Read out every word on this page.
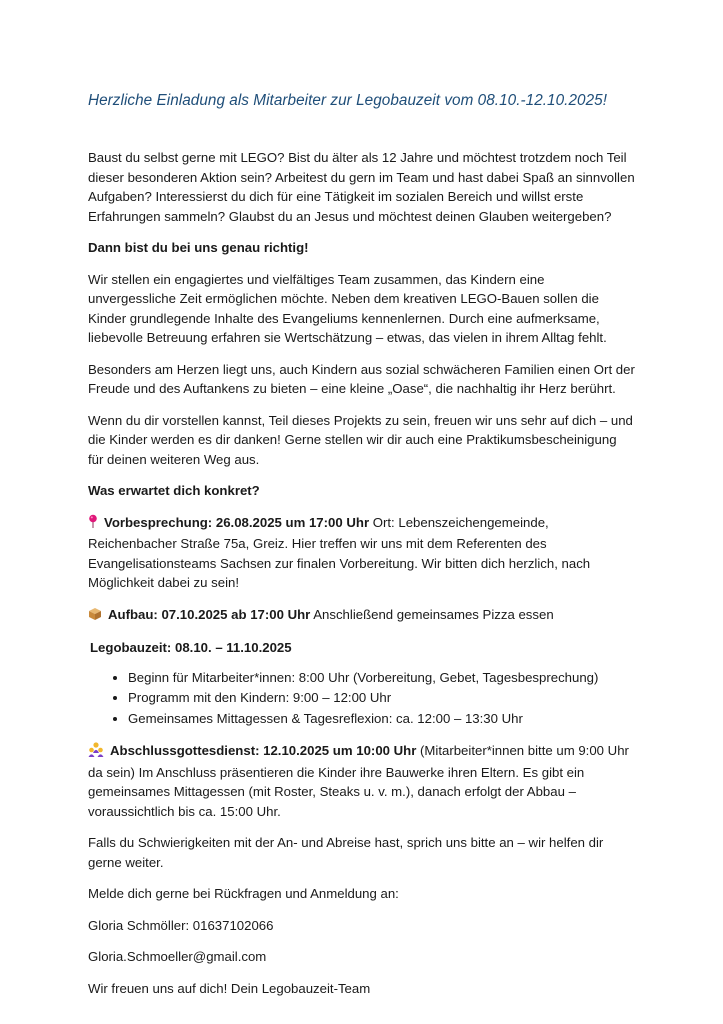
Herzliche Einladung als Mitarbeiter zur Legobauzeit vom 08.10.-12.10.2025!

Baust du selbst gerne mit LEGO? Bist du älter als 12 Jahre und möchtest trotzdem noch Teil dieser besonderen Aktion sein? Arbeitest du gern im Team und hast dabei Spaß an sinnvollen Aufgaben? Interessierst du dich für eine Tätigkeit im sozialen Bereich und willst erste Erfahrungen sammeln? Glaubst du an Jesus und möchtest deinen Glauben weitergeben?

Dann bist du bei uns genau richtig!

Wir stellen ein engagiertes und vielfältiges Team zusammen, das Kindern eine unvergessliche Zeit ermöglichen möchte. Neben dem kreativen LEGO-Bauen sollen die Kinder grundlegende Inhalte des Evangeliums kennenlernen. Durch eine aufmerksame, liebevolle Betreuung erfahren sie Wertschätzung – etwas, das vielen in ihrem Alltag fehlt.

Besonders am Herzen liegt uns, auch Kindern aus sozial schwächeren Familien einen Ort der Freude und des Auftankens zu bieten – eine kleine „Oase“, die nachhaltig ihr Herz berührt.

Wenn du dir vorstellen kannst, Teil dieses Projekts zu sein, freuen wir uns sehr auf dich – und die Kinder werden es dir danken! Gerne stellen wir dir auch eine Praktikumsbescheinigung für deinen weiteren Weg aus.

Was erwartet dich konkret?

Vorbesprechung: 26.08.2025 um 17:00 Uhr Ort: Lebenszeichengemeinde, Reichenbacher Straße 75a, Greiz. Hier treffen wir uns mit dem Referenten des Evangelisationsteams Sachsen zur finalen Vorbereitung. Wir bitten dich herzlich, nach Möglichkeit dabei zu sein!

Aufbau: 07.10.2025 ab 17:00 Uhr Anschließend gemeinsames Pizza essen

Legobauzeit: 08.10. – 11.10.2025

• Beginn für Mitarbeiter*innen: 8:00 Uhr (Vorbereitung, Gebet, Tagesbesprechung)
• Programm mit den Kindern: 9:00 – 12:00 Uhr
• Gemeinsames Mittagessen & Tagesreflexion: ca. 12:00 – 13:30 Uhr

Abschlussgottesdienst: 12.10.2025 um 10:00 Uhr (Mitarbeiter*innen bitte um 9:00 Uhr da sein) Im Anschluss präsentieren die Kinder ihre Bauwerke ihren Eltern. Es gibt ein gemeinsames Mittagessen (mit Roster, Steaks u. v. m.), danach erfolgt der Abbau – voraussichtlich bis ca. 15:00 Uhr.

Falls du Schwierigkeiten mit der An- und Abreise hast, sprich uns bitte an – wir helfen dir gerne weiter.

Melde dich gerne bei Rückfragen und Anmeldung an:

Gloria Schmöller: 01637102066

Gloria.Schmoeller@gmail.com

Wir freuen uns auf dich! Dein Legobauzeit-Team
